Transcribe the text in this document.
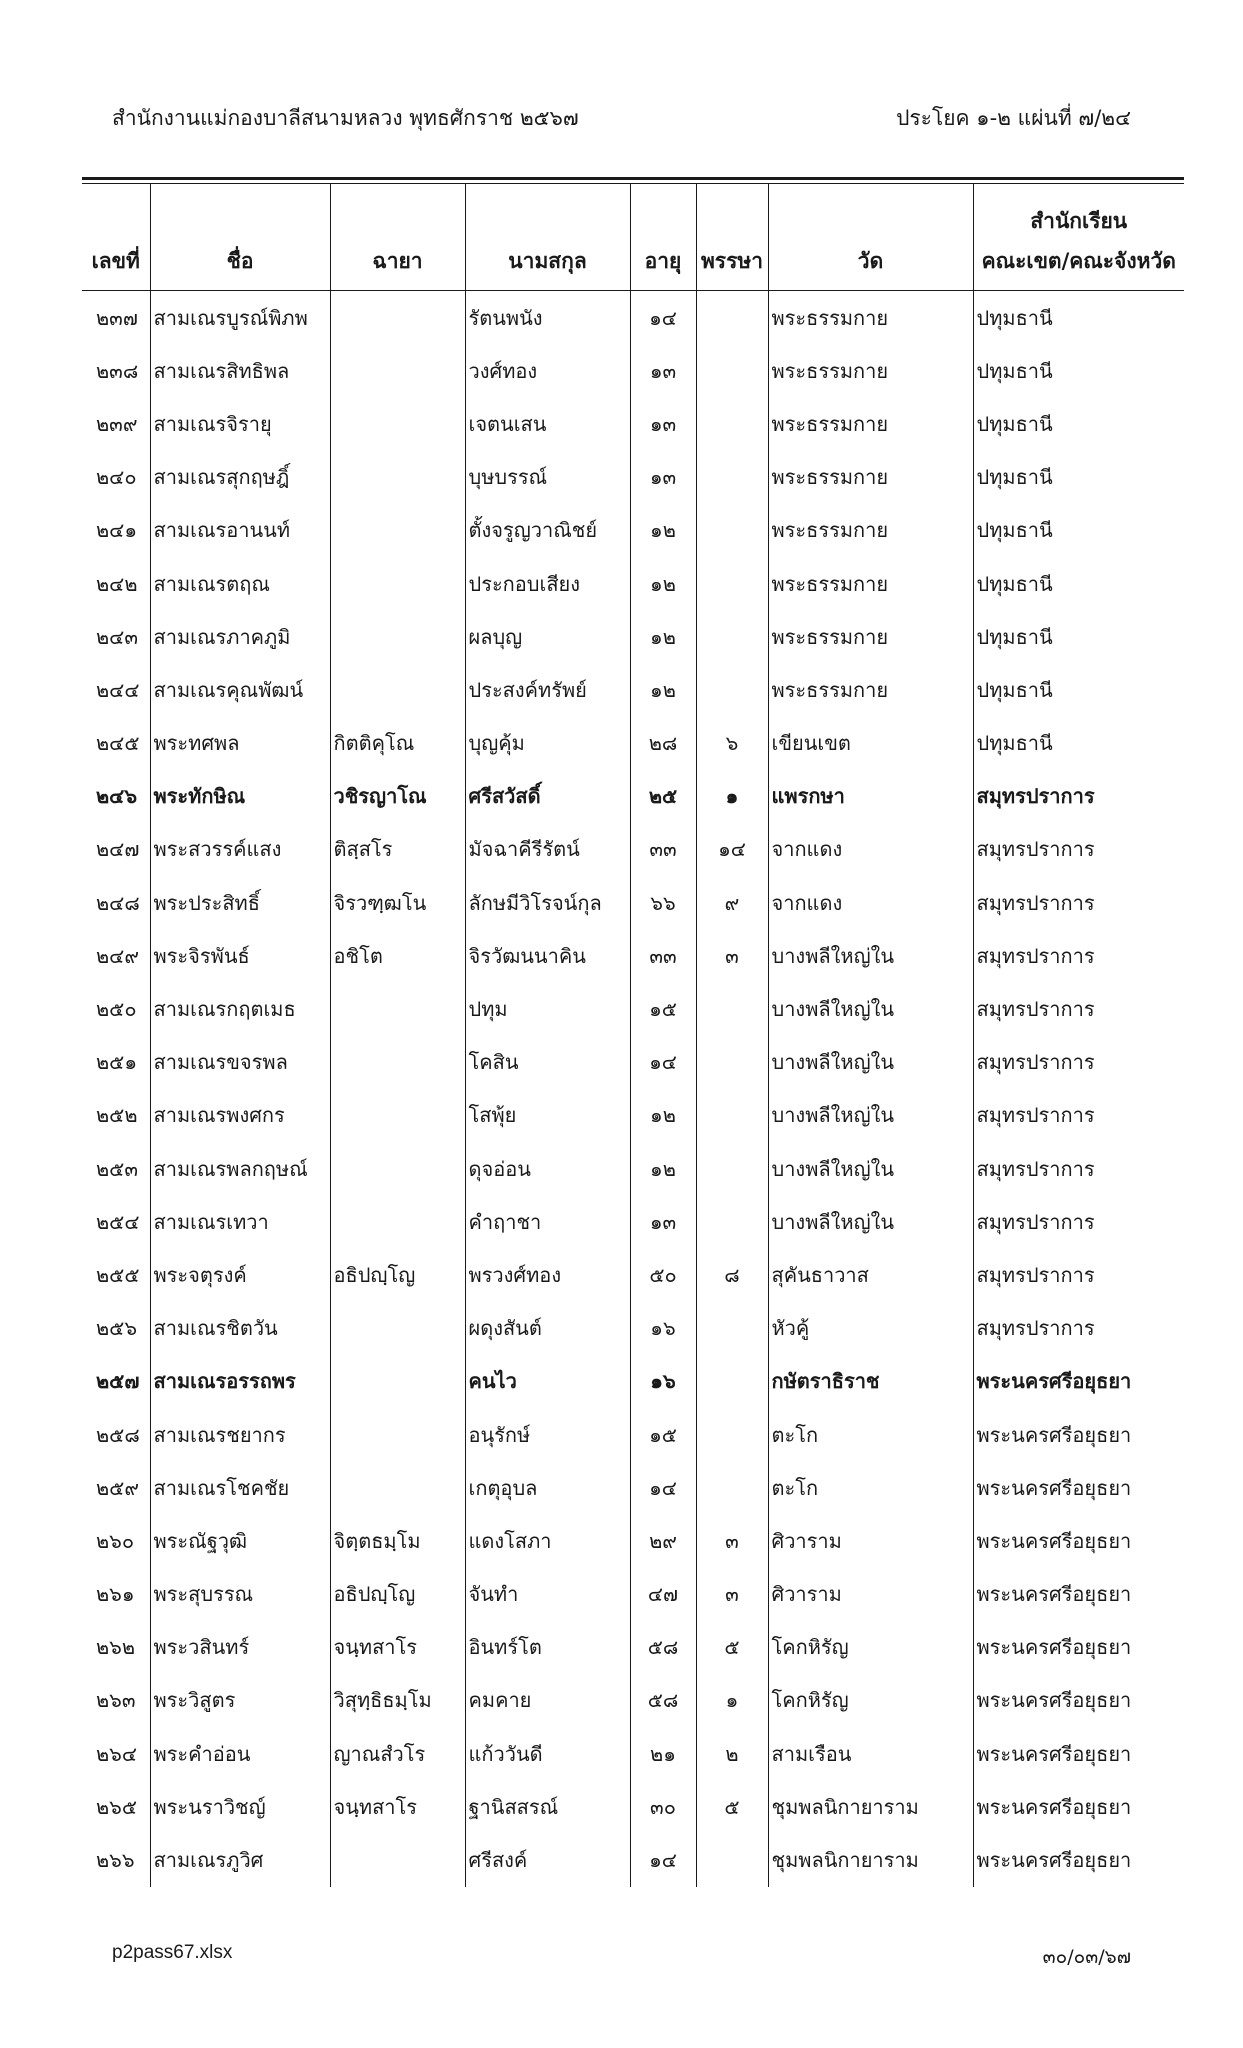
สำนักงานแม่กองบาลีสนามหลวง พุทธศักราช ๒๕๖๗	ประโยค ๑-๒ แผ่นที่ ๗/๒๔
เลขที่	ชื่อ	ฉายา	นามสกุล	อายุ	พรรษา	วัด	สำนักเรียน
คณะเขต/คณะจังหวัด
๒๓๗	สามเณรบูรณ์พิภพ		รัตนพนัง	๑๔		พระธรรมกาย	ปทุมธานี
๒๓๘	สามเณรสิทธิพล		วงศ์ทอง	๑๓		พระธรรมกาย	ปทุมธานี
๒๓๙	สามเณรจิรายุ		เจตนเสน	๑๓		พระธรรมกาย	ปทุมธานี
๒๔๐	สามเณรสุกฤษฎิ์		บุษบรรณ์	๑๓		พระธรรมกาย	ปทุมธานี
๒๔๑	สามเณรอานนท์		ตั้งจรูญวาณิชย์	๑๒		พระธรรมกาย	ปทุมธานี
๒๔๒	สามเณรตฤณ		ประกอบเสียง	๑๒		พระธรรมกาย	ปทุมธานี
๒๔๓	สามเณรภาคภูมิ		ผลบุญ	๑๒		พระธรรมกาย	ปทุมธานี
๒๔๔	สามเณรคุณพัฒน์		ประสงค์ทรัพย์	๑๒		พระธรรมกาย	ปทุมธานี
๒๔๕	พระทศพล	กิตติคุโณ	บุญคุ้ม	๒๘	๖	เขียนเขต	ปทุมธานี
๒๔๖	พระทักษิณ	วชิรญาโณ	ศรีสวัสดิ์	๒๕	๑	แพรกษา	สมุทรปราการ
๒๔๗	พระสวรรค์แสง	ติสฺสโร	มัจฉาคีรีรัตน์	๓๓	๑๔	จากแดง	สมุทรปราการ
๒๔๘	พระประสิทธิ์	จิรวฑฺฒโน	ลักษมีวิโรจน์กุล	๖๖	๙	จากแดง	สมุทรปราการ
๒๔๙	พระจิรพันธ์	อชิโต	จิรวัฒนนาคิน	๓๓	๓	บางพลีใหญ่ใน	สมุทรปราการ
๒๕๐	สามเณรกฤตเมธ		ปทุม	๑๕		บางพลีใหญ่ใน	สมุทรปราการ
๒๕๑	สามเณรขจรพล		โคสิน	๑๔		บางพลีใหญ่ใน	สมุทรปราการ
๒๕๒	สามเณรพงศกร		โสพุ้ย	๑๒		บางพลีใหญ่ใน	สมุทรปราการ
๒๕๓	สามเณรพลกฤษณ์		ดุจอ่อน	๑๒		บางพลีใหญ่ใน	สมุทรปราการ
๒๕๔	สามเณรเทวา		คำฤาชา	๑๓		บางพลีใหญ่ใน	สมุทรปราการ
๒๕๕	พระจตุรงค์	อธิปญฺโญ	พรวงศ์ทอง	๕๐	๘	สุคันธาวาส	สมุทรปราการ
๒๕๖	สามเณรชิตวัน		ผดุงสันต์	๑๖		หัวคู้	สมุทรปราการ
๒๕๗	สามเณรอรรถพร		คนไว	๑๖		กษัตราธิราช	พระนครศรีอยุธยา
๒๕๘	สามเณรชยากร		อนุรักษ์	๑๕		ตะโก	พระนครศรีอยุธยา
๒๕๙	สามเณรโชคชัย		เกตุอุบล	๑๔		ตะโก	พระนครศรีอยุธยา
๒๖๐	พระณัฐวุฒิ	จิตฺตธมฺโม	แดงโสภา	๒๙	๓	ศิวาราม	พระนครศรีอยุธยา
๒๖๑	พระสุบรรณ	อธิปญฺโญ	จันทำ	๔๗	๓	ศิวาราม	พระนครศรีอยุธยา
๒๖๒	พระวสินทร์	จนฺทสาโร	อินทร์โต	๕๘	๕	โคกหิรัญ	พระนครศรีอยุธยา
๒๖๓	พระวิสูตร	วิสุทฺธิธมฺโม	คมคาย	๕๘	๑	โคกหิรัญ	พระนครศรีอยุธยา
๒๖๔	พระคำอ่อน	ญาณสํวโร	แก้ววันดี	๒๑	๒	สามเรือน	พระนครศรีอยุธยา
๒๖๕	พระนราวิชญ์	จนฺทสาโร	ฐานิสสรณ์	๓๐	๕	ชุมพลนิกายาราม	พระนครศรีอยุธยา
๒๖๖	สามเณรภูวิศ		ศรีสงค์	๑๔		ชุมพลนิกายาราม	พระนครศรีอยุธยา
p2pass67.xlsx	๓๐/๐๓/๖๗
